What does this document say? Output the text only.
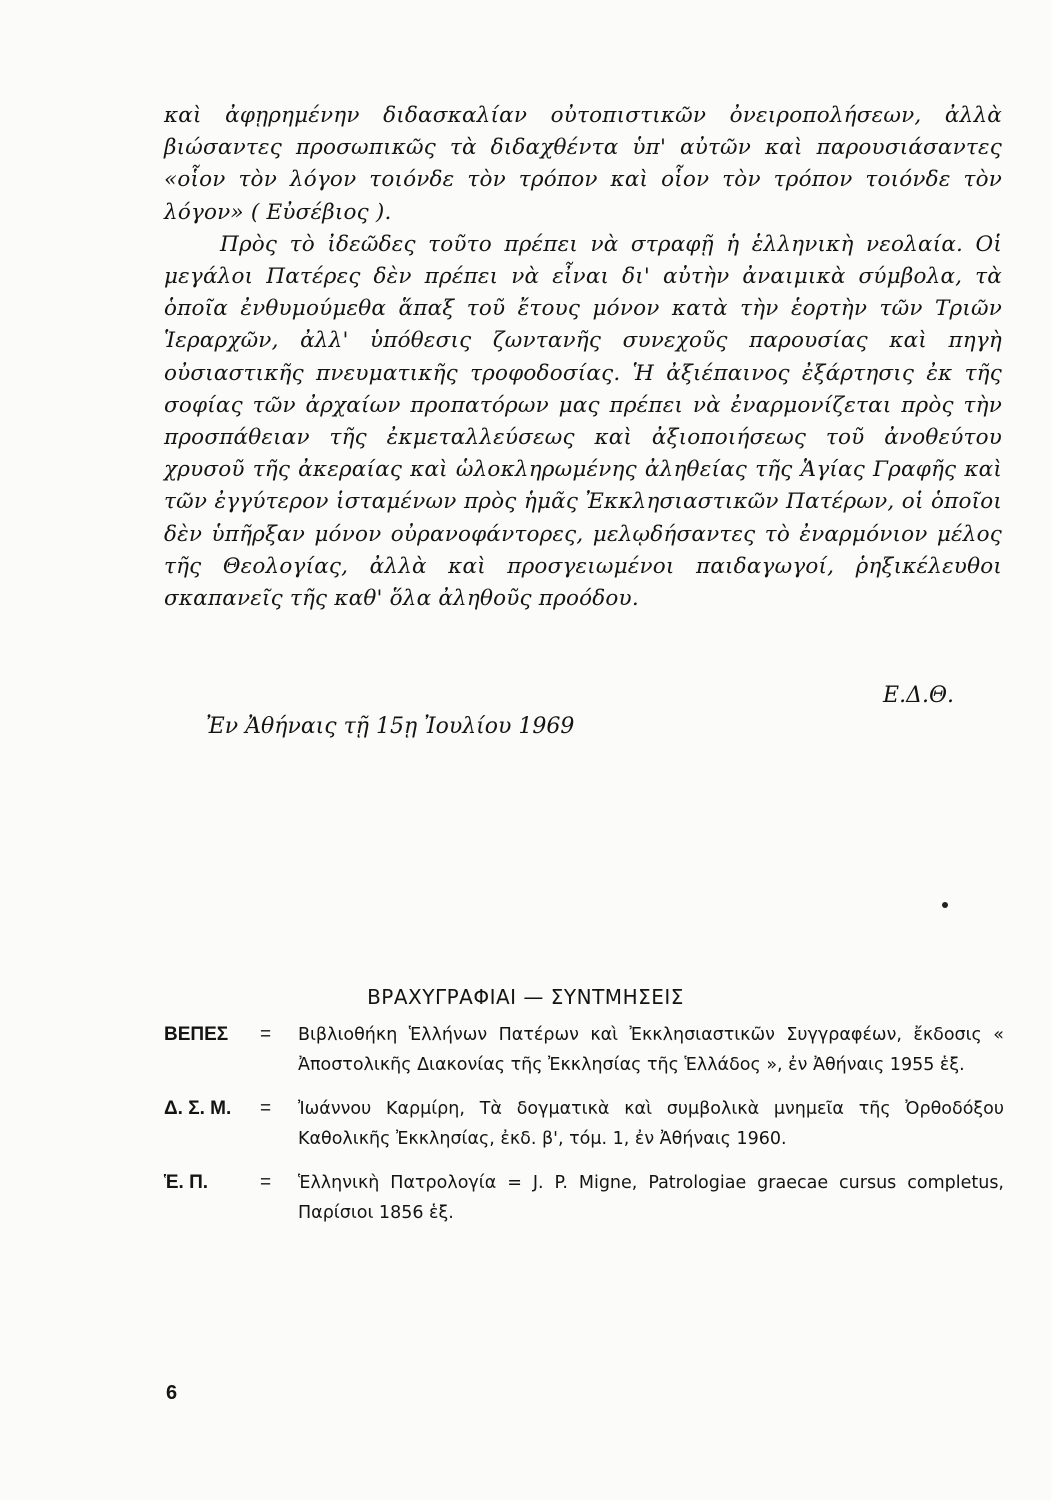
καὶ ἀφῃρημένην διδασκαλίαν οὐτοπιστικῶν ὀνειροπολήσεων, ἀλλὰ βιώσαντες προσωπικῶς τὰ διδαχθέντα ὑπ' αὐτῶν καὶ παρουσιάσαντες «οἷον τὸν λόγον τοιόνδε τὸν τρόπον καὶ οἷον τὸν τρόπον τοιόνδε τὸν λόγον» ( Εὐσέβιος ).

Πρὸς τὸ ἰδεῶδες τοῦτο πρέπει νὰ στραφῇ ἡ ἑλληνικὴ νεολαία. Οἱ μεγάλοι Πατέρες δὲν πρέπει νὰ εἶναι δι' αὐτὴν ἀναιμικὰ σύμβολα, τὰ ὁποῖα ἐνθυμούμεθα ἅπαξ τοῦ ἔτους μόνον κατὰ τὴν ἑορτὴν τῶν Τριῶν Ἱεραρχῶν, ἀλλ' ὑπόθεσις ζωντανῆς συνεχοῦς παρουσίας καὶ πηγὴ οὐσιαστικῆς πνευματικῆς τροφοδοσίας. Ἡ ἀξιέπαινος ἐξάρτησις ἐκ τῆς σοφίας τῶν ἀρχαίων προπατόρων μας πρέπει νὰ ἐναρμονίζεται πρὸς τὴν προσπάθειαν τῆς ἐκμεταλλεύσεως καὶ ἀξιοποιήσεως τοῦ ἀνοθεύτου χρυσοῦ τῆς ἀκεραίας καὶ ὡλοκληρωμένης ἀληθείας τῆς Ἁγίας Γραφῆς καὶ τῶν ἐγγύτερον ἱσταμένων πρὸς ἡμᾶς Ἐκκλησιαστικῶν Πατέρων, οἱ ὁποῖοι δὲν ὑπῆρξαν μόνον οὐρανοφάντορες, μελῳδήσαντες τὸ ἐναρμόνιον μέλος τῆς Θεολογίας, ἀλλὰ καὶ προσγειωμένοι παιδαγωγοί, ῥηξικέλευθοι σκαπανεῖς τῆς καθ' ὅλα ἀληθοῦς προόδου.

Ε.Δ.Θ.

Ἐν Ἀθήναις τῇ 15ῃ Ἰουλίου 1969

ΒΡΑΧΥΓΡΑΦΙΑΙ — ΣΥΝΤΜΗΣΕΙΣ

ΒΕΠΕΣ	=	Βιβλιοθήκη Ἑλλήνων Πατέρων καὶ Ἐκκλησιαστικῶν Συγγραφέων, ἔκδοσις « Ἀποστολικῆς Διακονίας τῆς Ἐκκλησίας τῆς Ἑλλάδος », ἐν Ἀθήναις 1955 ἑξ.
Δ. Σ. Μ.	=	Ἰωάννου Καρμίρη, Τὰ δογματικὰ καὶ συμβολικὰ μνημεῖα τῆς Ὀρθοδόξου Καθολικῆς Ἐκκλησίας, ἐκδ. β', τόμ. 1, ἐν Ἀθήναις 1960.
Ἑ. Π.	=	Ἑλληνικὴ Πατρολογία = J. P. Migne, Patrologiae graecae cursus completus, Παρίσιοι 1856 ἑξ.

6
